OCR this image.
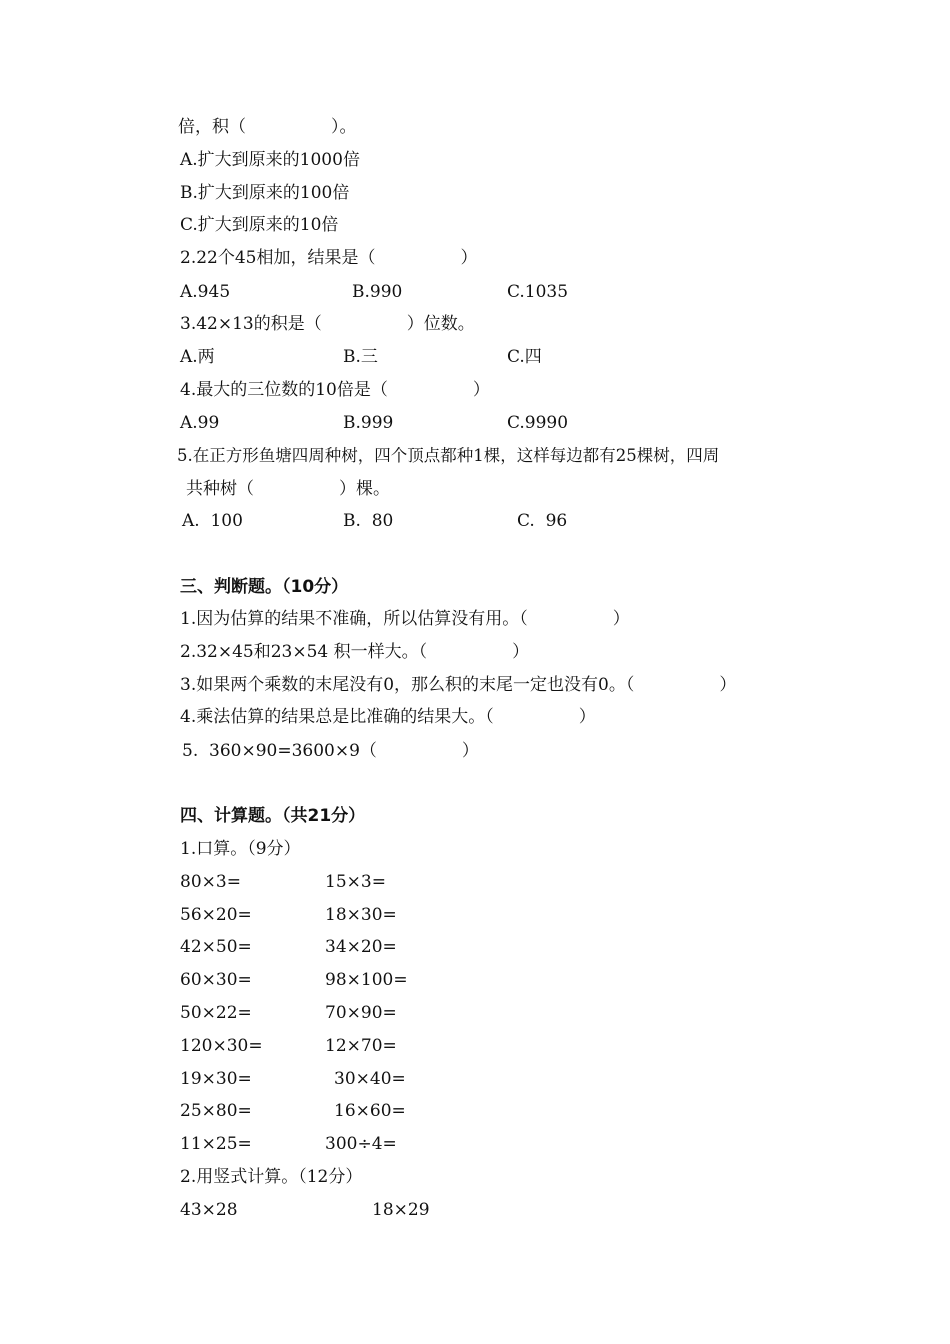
倍，积（　　　　　）。
A.扩大到原来的1000倍
B.扩大到原来的100倍
C.扩大到原来的10倍
2.22个45相加，结果是（　　　　　）
A.945	B.990	C.1035
3.42×13的积是（　　　　　）位数。
A.两	B.三	C.四
4.最大的三位数的10倍是（　　　　　）
A.99	B.999	C.9990
5.在正方形鱼塘四周种树，四个顶点都种1棵，这样每边都有25棵树，四周
共种树（　　　　　）棵。
A.  100	B.  80	C.  96
三、判断题。（10分）
1.因为估算的结果不准确，所以估算没有用。（　　　　　）
2.32×45和23×54 积一样大。（　　　　　）
3.如果两个乘数的末尾没有0，那么积的末尾一定也没有0。（　　　　　）
4.乘法估算的结果总是比准确的结果大。（　　　　　）
5.  360×90=3600×9（　　　　　）
四、计算题。（共21分）
1.口算。（9分）
80×3=	15×3=
56×20=	18×30=
42×50=	34×20=
60×30=	98×100=
50×22=	70×90=
120×30=	12×70=
19×30=	30×40=
25×80=	16×60=
11×25=	300÷4=
2.用竖式计算。（12分）
43×28	18×29
